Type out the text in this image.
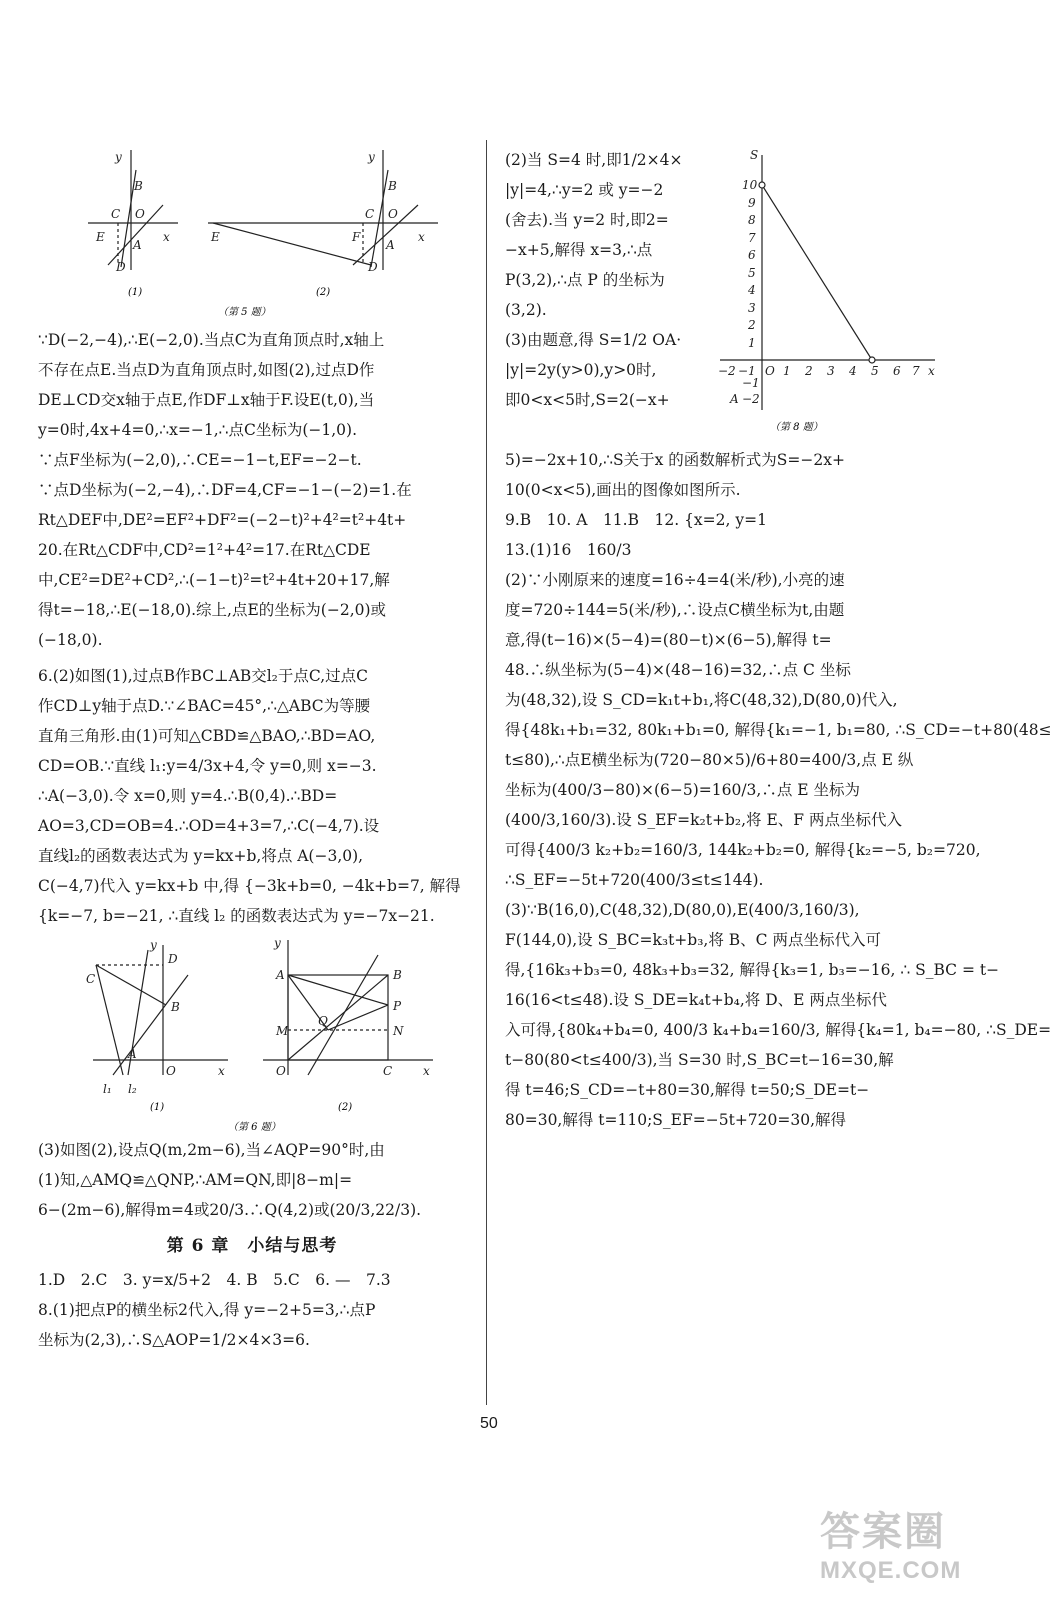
y
B
C O
E
A
x
D
y
B
C O
E	F
A
x
D
(1)	(2)
（第 5 题）

∵D(−2,−4),∴E(−2,0).当点C为直角顶点时,x轴上
不存在点E.当点D为直角顶点时,如图(2),过点D作
DE⊥CD交x轴于点E,作DF⊥x轴于F.设E(t,0),当
y=0时,4x+4=0,∴x=−1,∴点C坐标为(−1,0).
∵点F坐标为(−2,0),∴CE=−1−t,EF=−2−t.
∵点D坐标为(−2,−4),∴DF=4,CF=−1−(−2)=1.在
Rt△DEF中,DE²=EF²+DF²=(−2−t)²+4²=t²+4t+
20.在Rt△CDF中,CD²=1²+4²=17.在Rt△CDE
中,CE²=DE²+CD²,∴(−1−t)²=t²+4t+20+17,解
得t=−18,∴E(−18,0).综上,点E的坐标为(−2,0)或
(−18,0).

6.(2)如图(1),过点B作BC⊥AB交l₂于点C,过点C
作CD⊥y轴于点D.∵∠BAC=45°,∴△ABC为等腰
直角三角形.由(1)可知△CBD≌△BAO,∴BD=AO,
CD=OB.∵直线 l₁:y=4/3x+4,令 y=0,则 x=−3.
∴A(−3,0).令 x=0,则 y=4.∴B(0,4).∴BD=
AO=3,CD=OB=4.∴OD=4+3=7,∴C(−4,7).设
直线l₂的函数表达式为 y=kx+b,将点 A(−3,0),
C(−4,7)代入 y=kx+b 中,得 {−3k+b=0, −4k+b=7, 解得
{k=−7, b=−21, ∴直线 l₂ 的函数表达式为 y=−7x−21.

y
D
C
B
A
O	x
l₁ l₂
y
A	B
P
Q
M	N
O	C	x
(1)	(2)
（第 6 题）

(3)如图(2),设点Q(m,2m−6),当∠AQP=90°时,由
(1)知,△AMQ≌△QNP,∴AM=QN,即|8−m|=
6−(2m−6),解得m=4或20/3.∴Q(4,2)或(20/3,22/3).

第 6 章　小结与思考

1.D　2.C　3. y=x/5+2　4. B　5.C　6. —　7.3

8.(1)把点P的横坐标2代入,得 y=−2+5=3,∴点P
坐标为(2,3),∴S△AOP=1/2×4×3=6.

(2)当 S=4 时,即1/2×4×
|y|=4,∴y=2 或 y=−2
(舍去).当 y=2 时,即2=
−x+5,解得 x=3,∴点
P(3,2),∴点 P 的坐标为
(3,2).
(3)由题意,得 S=1/2 OA·
|y|=2y(y>0),y>0时,
即0<x<5时,S=2(−x+

S
10
9
8
7
6
5
4
3
2
1
O 1 2 3 4 5 6 7 x
−2 −1
−1
A −2
（第 8 题）

5)=−2x+10,∴S关于x 的函数解析式为S=−2x+
10(0<x<5),画出的图像如图所示.
9.B　10. A　11.B　12. {x=2, y=1
13.(1)16　160/3
(2)∵小刚原来的速度=16÷4=4(米/秒),小亮的速
度=720÷144=5(米/秒),∴设点C横坐标为t,由题
意,得(t−16)×(5−4)=(80−t)×(6−5),解得 t=
48.∴纵坐标为(5−4)×(48−16)=32,∴点 C 坐标
为(48,32),设 S_CD=k₁t+b₁,将C(48,32),D(80,0)代入,
得{48k₁+b₁=32, 80k₁+b₁=0, 解得{k₁=−1, b₁=80, ∴S_CD=−t+80(48≤
t≤80),∴点E横坐标为(720−80×5)/6+80=400/3,点 E 纵
坐标为(400/3−80)×(6−5)=160/3,∴点 E 坐标为
(400/3,160/3).设 S_EF=k₂t+b₂,将 E、F 两点坐标代入
可得{400/3 k₂+b₂=160/3, 144k₂+b₂=0, 解得{k₂=−5, b₂=720,
∴S_EF=−5t+720(400/3≤t≤144).
(3)∵B(16,0),C(48,32),D(80,0),E(400/3,160/3),
F(144,0),设 S_BC=k₃t+b₃,将 B、C 两点坐标代入可
得,{16k₃+b₃=0, 48k₃+b₃=32, 解得{k₃=1, b₃=−16, ∴ S_BC = t−
16(16<t≤48).设 S_DE=k₄t+b₄,将 D、E 两点坐标代
入可得,{80k₄+b₄=0, 400/3 k₄+b₄=160/3, 解得{k₄=1, b₄=−80, ∴S_DE=
t−80(80<t≤400/3),当 S=30 时,S_BC=t−16=30,解
得 t=46;S_CD=−t+80=30,解得 t=50;S_DE=t−
80=30,解得 t=110;S_EF=−5t+720=30,解得

50
答案圈
MXQE.COM
